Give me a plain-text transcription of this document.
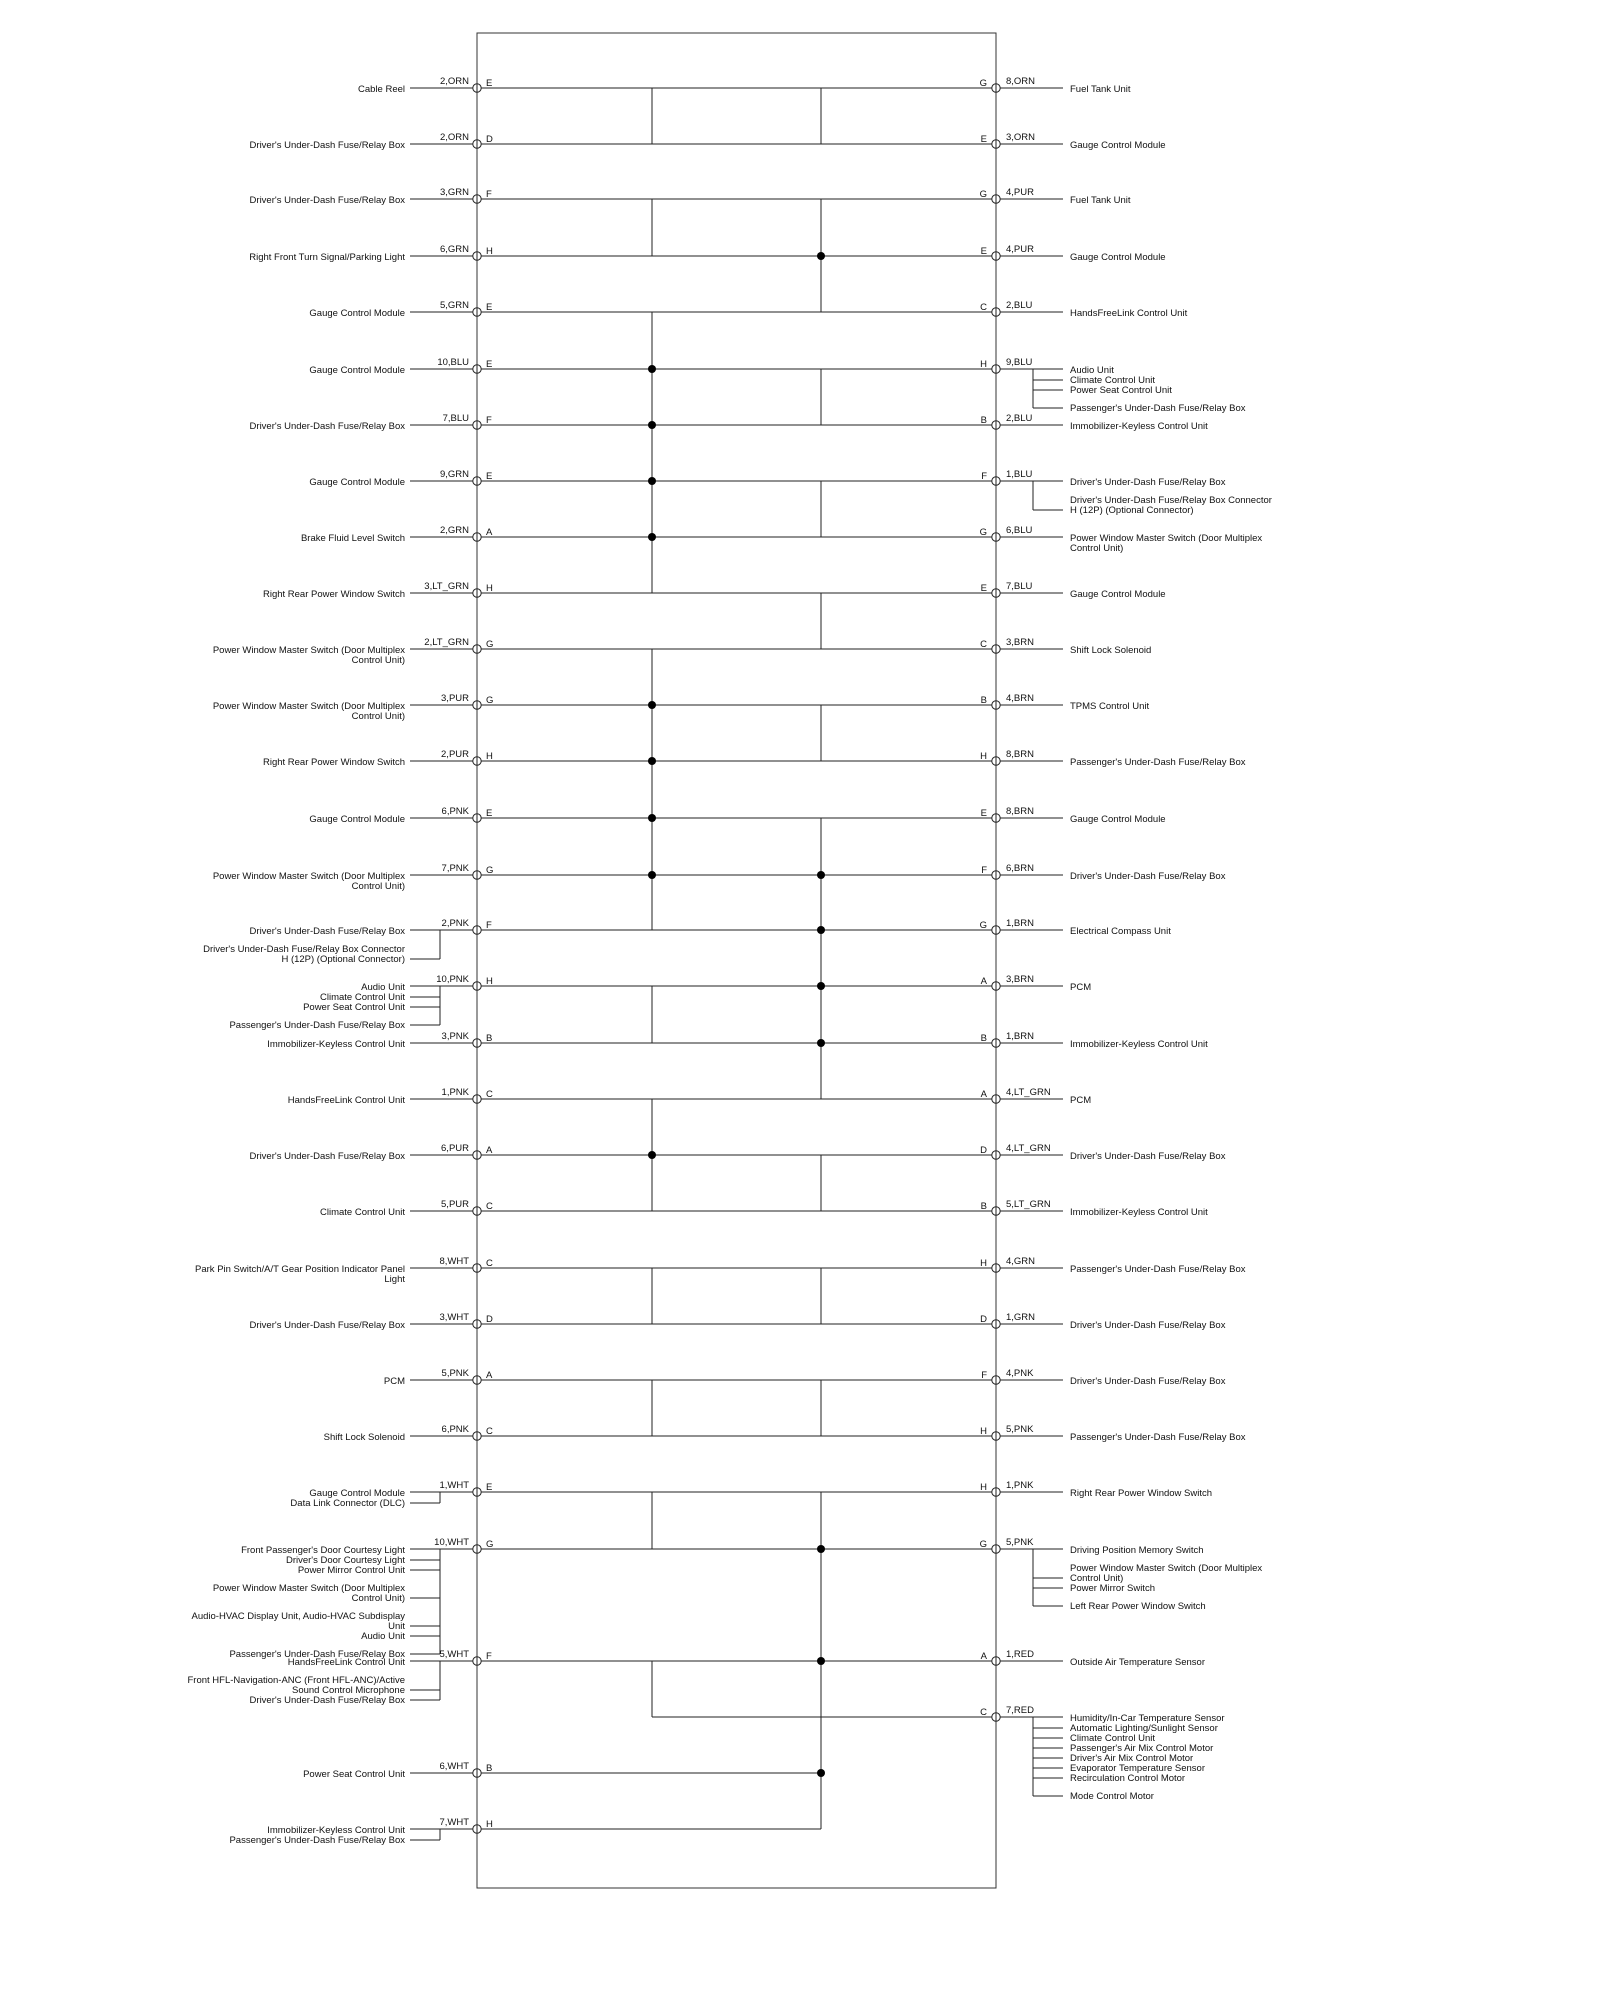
2,ORN E
Cable Reel
2,ORN D
Driver's Under-Dash Fuse/Relay Box
3,GRN F
Driver's Under-Dash Fuse/Relay Box
6,GRN H
Right Front Turn Signal/Parking Light
5,GRN E
Gauge Control Module
10,BLU E
Gauge Control Module
7,BLU F
Driver's Under-Dash Fuse/Relay Box
9,GRN E
Gauge Control Module
2,GRN A
Brake Fluid Level Switch
3,LT_GRN H
Right Rear Power Window Switch
2,LT_GRN G
Power Window Master Switch (Door Multiplex Control Unit)
3,PUR G
Power Window Master Switch (Door Multiplex Control Unit)
2,PUR H
Right Rear Power Window Switch
6,PNK E
Gauge Control Module
7,PNK G
Power Window Master Switch (Door Multiplex Control Unit)
2,PNK F
Driver's Under-Dash Fuse/Relay Box
Driver's Under-Dash Fuse/Relay Box Connector H (12P) (Optional Connector)
10,PNK H
Audio Unit
Climate Control Unit
Power Seat Control Unit
Passenger's Under-Dash Fuse/Relay Box
3,PNK B
Immobilizer-Keyless Control Unit
1,PNK C
HandsFreeLink Control Unit
6,PUR A
Driver's Under-Dash Fuse/Relay Box
5,PUR C
Climate Control Unit
8,WHT C
Park Pin Switch/A/T Gear Position Indicator Panel Light
3,WHT D
Driver's Under-Dash Fuse/Relay Box
5,PNK A
PCM
6,PNK C
Shift Lock Solenoid
1,WHT E
Gauge Control Module
Data Link Connector (DLC)
10,WHT G
Front Passenger's Door Courtesy Light
Driver's Door Courtesy Light
Power Mirror Control Unit
Power Window Master Switch (Door Multiplex Control Unit)
Audio-HVAC Display Unit, Audio-HVAC Subdisplay Unit
Audio Unit
Passenger's Under-Dash Fuse/Relay Box	5,WHT F
HandsFreeLink Control Unit
Front HFL-Navigation-ANC (Front HFL-ANC)/Active Sound Control Microphone
Driver's Under-Dash Fuse/Relay Box
6,WHT B
Power Seat Control Unit
7,WHT H
Immobilizer-Keyless Control Unit
Passenger's Under-Dash Fuse/Relay Box
8,ORN
G
Fuel Tank Unit
3,ORN
E
Gauge Control Module
4,PUR
G
Fuel Tank Unit
4,PUR
E
Gauge Control Module
2,BLU
C
HandsFreeLink Control Unit
9,BLU
H
Audio Unit
Climate Control Unit
Power Seat Control Unit
Passenger's Under-Dash Fuse/Relay Box
2,BLU
B
Immobilizer-Keyless Control Unit
1,BLU
F
Driver's Under-Dash Fuse/Relay Box
Driver's Under-Dash Fuse/Relay Box Connector H (12P) (Optional Connector)
6,BLU
G
Power Window Master Switch (Door Multiplex Control Unit)
7,BLU
E
Gauge Control Module
3,BRN
C
Shift Lock Solenoid
4,BRN
B
TPMS Control Unit
8,BRN
H
Passenger's Under-Dash Fuse/Relay Box
8,BRN
E
Gauge Control Module
6,BRN
F
Driver's Under-Dash Fuse/Relay Box
1,BRN
G
Electrical Compass Unit
3,BRN
A
PCM
1,BRN
B
Immobilizer-Keyless Control Unit
4,LT_GRN
A
PCM
4,LT_GRN
D
Driver's Under-Dash Fuse/Relay Box
5,LT_GRN
B
Immobilizer-Keyless Control Unit
4,GRN
H
Passenger's Under-Dash Fuse/Relay Box
1,GRN
D
Driver's Under-Dash Fuse/Relay Box
4,PNK
F
Driver's Under-Dash Fuse/Relay Box
5,PNK
H
Passenger's Under-Dash Fuse/Relay Box
1,PNK
H
Right Rear Power Window Switch
5,PNK
G
Driving Position Memory Switch
Power Window Master Switch (Door Multiplex Control Unit)
Power Mirror Switch
Left Rear Power Window Switch
1,RED
A
Outside Air Temperature Sensor
7,RED
C
Humidity/In-Car Temperature Sensor
Automatic Lighting/Sunlight Sensor
Climate Control Unit
Passenger's Air Mix Control Motor
Driver's Air Mix Control Motor
Evaporator Temperature Sensor
Recirculation Control Motor
Mode Control Motor
